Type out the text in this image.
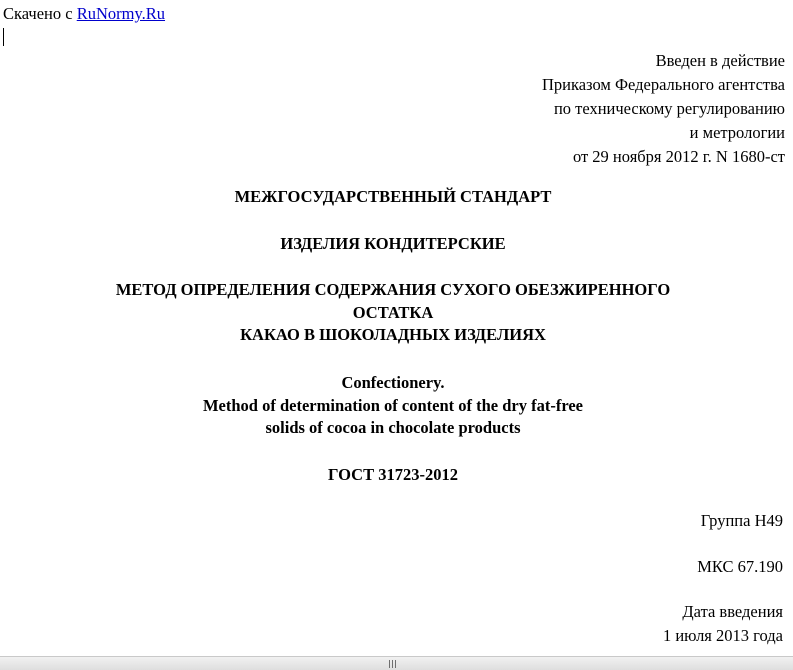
Скачено с RuNormy.Ru
Введен в действие
Приказом Федерального агентства
по техническому регулированию
и метрологии
от 29 ноября 2012 г. N 1680-ст
МЕЖГОСУДАРСТВЕННЫЙ СТАНДАРТ
ИЗДЕЛИЯ КОНДИТЕРСКИЕ
МЕТОД ОПРЕДЕЛЕНИЯ СОДЕРЖАНИЯ СУХОГО ОБЕЗЖИРЕННОГО
ОСТАТКА
КАКАО В ШОКОЛАДНЫХ ИЗДЕЛИЯХ
Confectionery.
Method of determination of content of the dry fat-free
solids of cocoa in chocolate products
ГОСТ 31723-2012
Группа Н49
МКС 67.190
Дата введения
1 июля 2013 года
